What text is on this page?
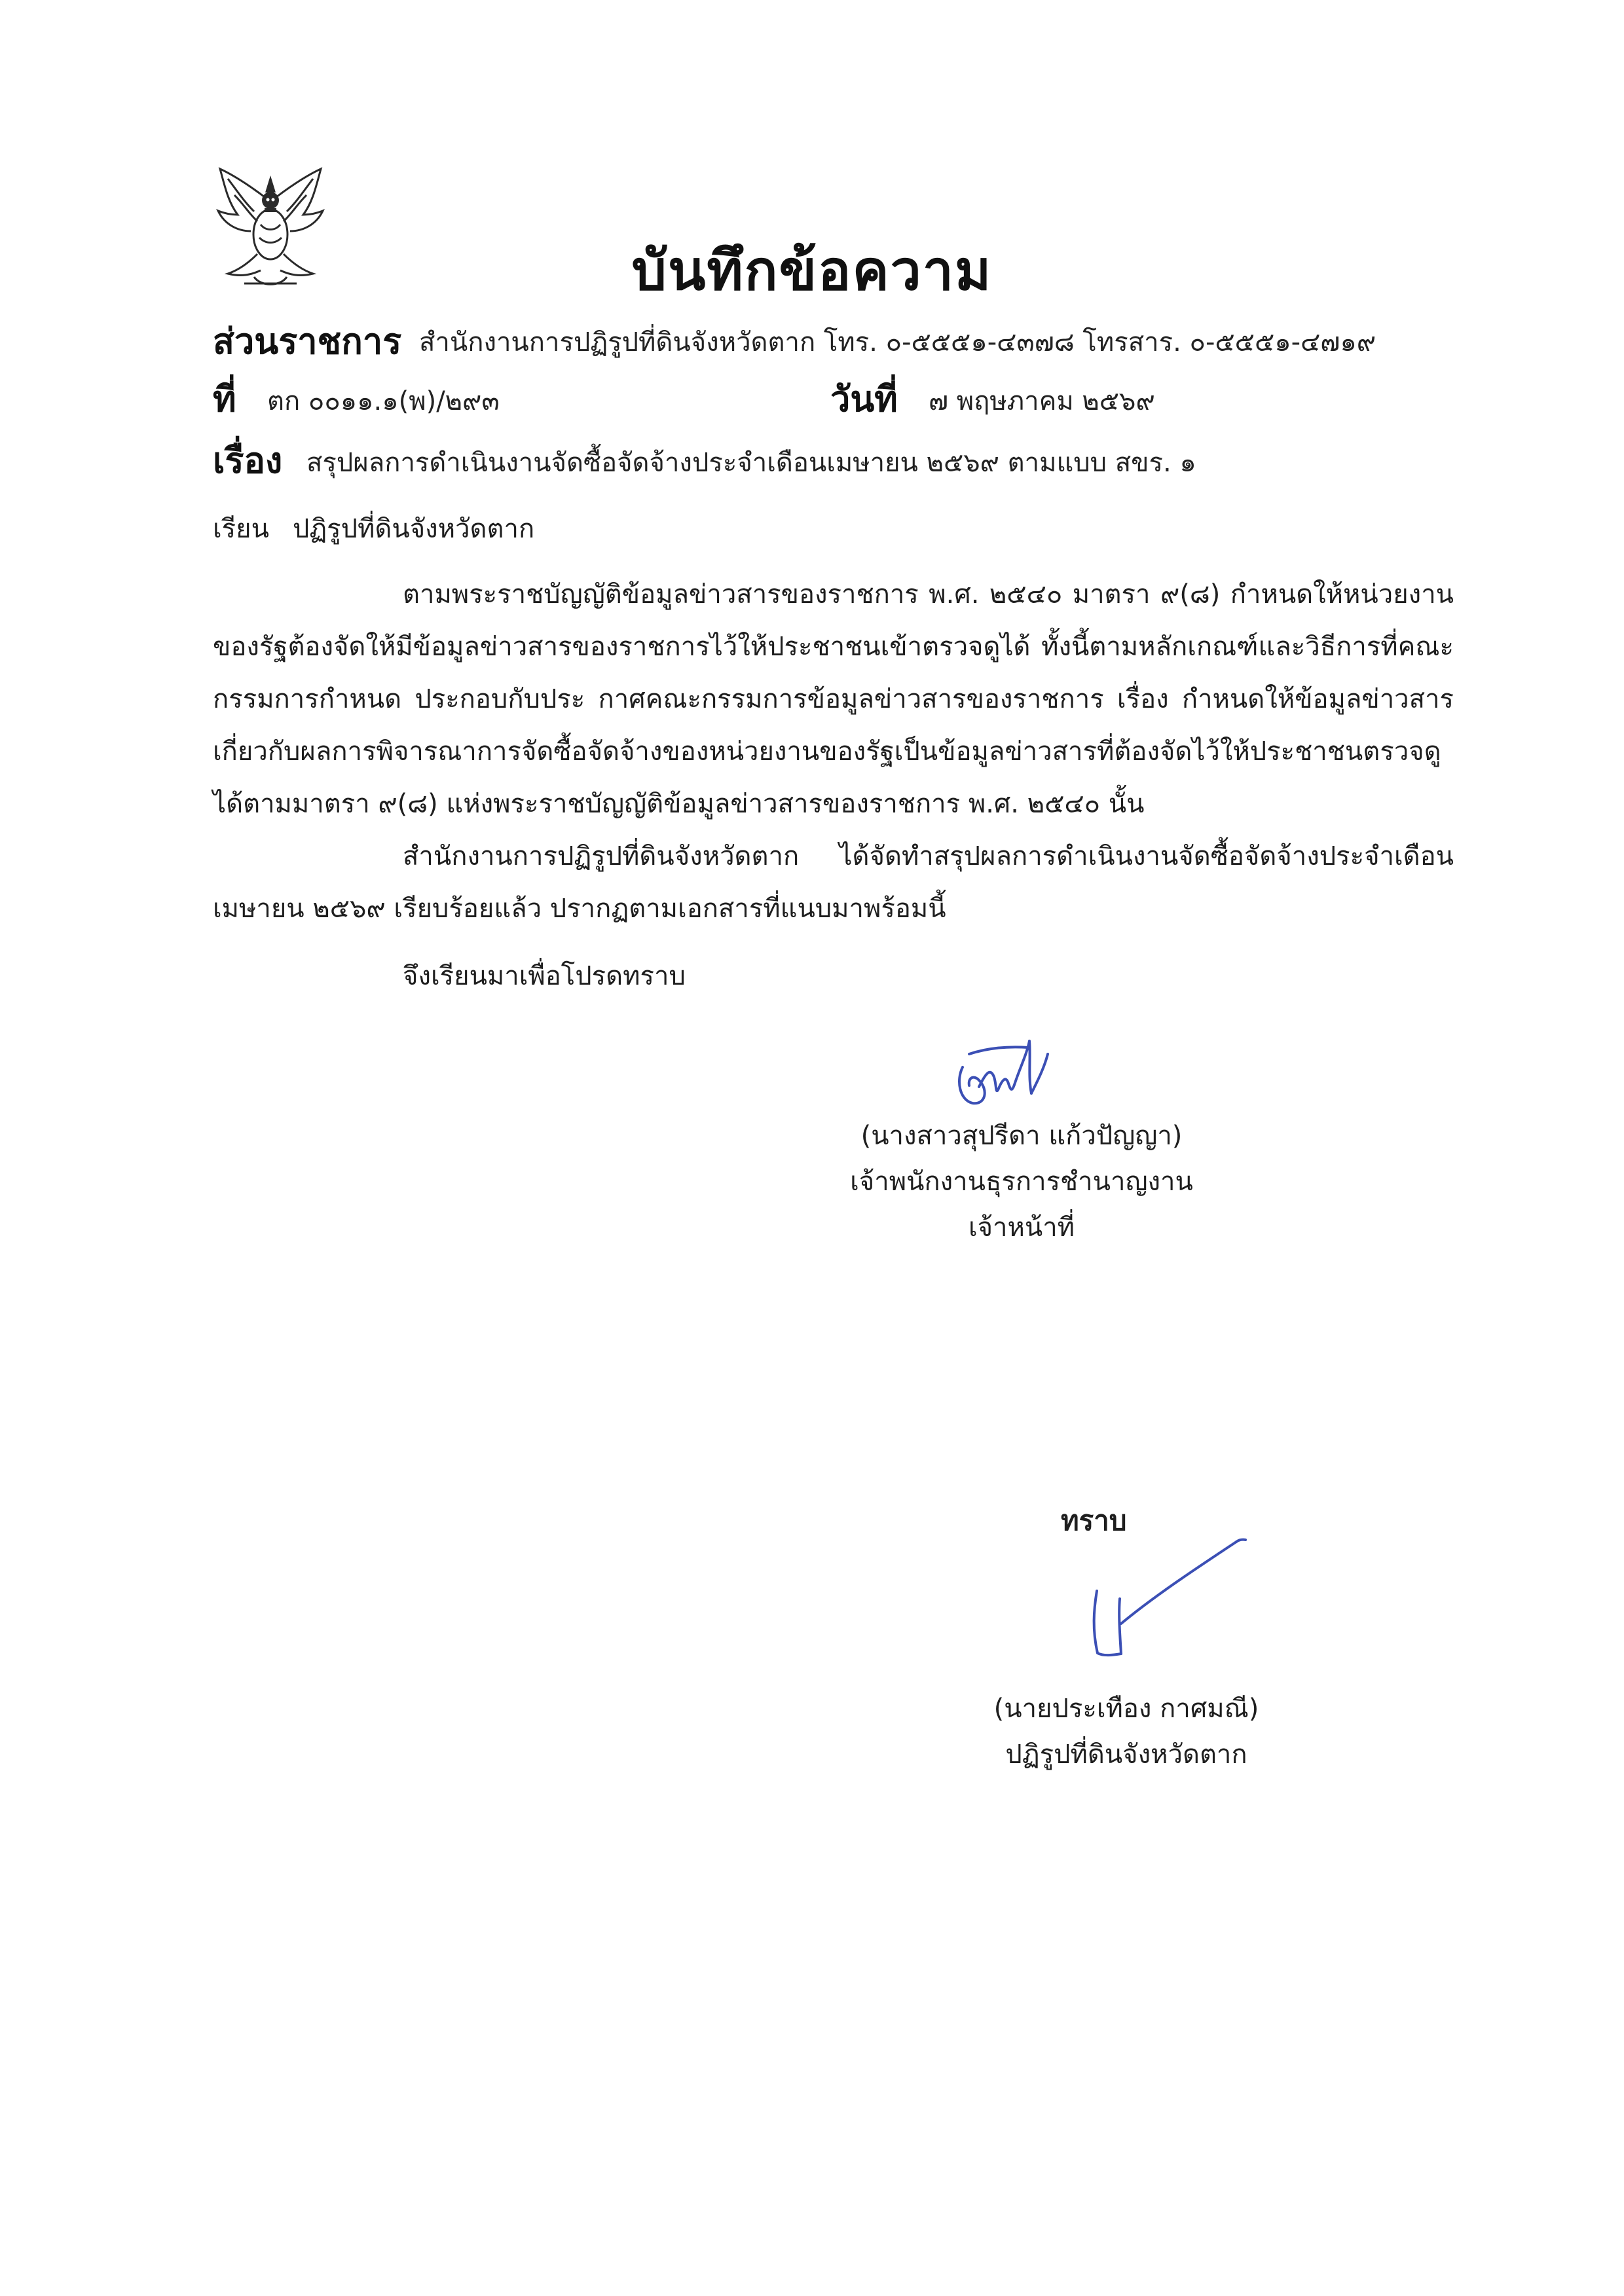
บันทึกข้อความ
ส่วนราชการ สำนักงานการปฏิรูปที่ดินจังหวัดตาก โทร. ๐-๕๕๕๑-๔๓๗๘ โทรสาร. ๐-๕๕๕๑-๔๗๑๙
ที่ ตก ๐๐๑๑.๑(พ)/๒๙๓	วันที่ ๗ พฤษภาคม ๒๕๖๙
เรื่อง สรุปผลการดำเนินงานจัดซื้อจัดจ้างประจำเดือนเมษายน ๒๕๖๙ ตามแบบ สขร. ๑
เรียน ปฏิรูปที่ดินจังหวัดตาก

ตามพระราชบัญญัติข้อมูลข่าวสารของราชการ พ.ศ. ๒๕๔๐ มาตรา ๙(๘) กำหนดให้หน่วยงานของรัฐต้องจัดให้มีข้อมูลข่าวสารของราชการไว้ให้ประชาชนเข้าตรวจดูได้ ทั้งนี้ตามหลักเกณฑ์และวิธีการที่คณะกรรมการกำหนด ประกอบกับประ กาศคณะกรรมการข้อมูลข่าวสารของราชการ เรื่อง กำหนดให้ข้อมูลข่าวสารเกี่ยวกับผลการพิจารณาการจัดซื้อจัดจ้างของหน่วยงานของรัฐเป็นข้อมูลข่าวสารที่ต้องจัดไว้ให้ประชาชนตรวจดูได้ตามมาตรา ๙(๘) แห่งพระราชบัญญัติข้อมูลข่าวสารของราชการ พ.ศ. ๒๕๔๐ นั้น

สำนักงานการปฏิรูปที่ดินจังหวัดตาก ได้จัดทำสรุปผลการดำเนินงานจัดซื้อจัดจ้างประจำเดือนเมษายน ๒๕๖๙ เรียบร้อยแล้ว ปรากฏตามเอกสารที่แนบมาพร้อมนี้

จึงเรียนมาเพื่อโปรดทราบ
(นางสาวสุปรีดา แก้วปัญญา)
เจ้าพนักงานธุรการชำนาญงาน
เจ้าหน้าที่
ทราบ
(นายประเทือง กาศมณี)
ปฏิรูปที่ดินจังหวัดตาก
